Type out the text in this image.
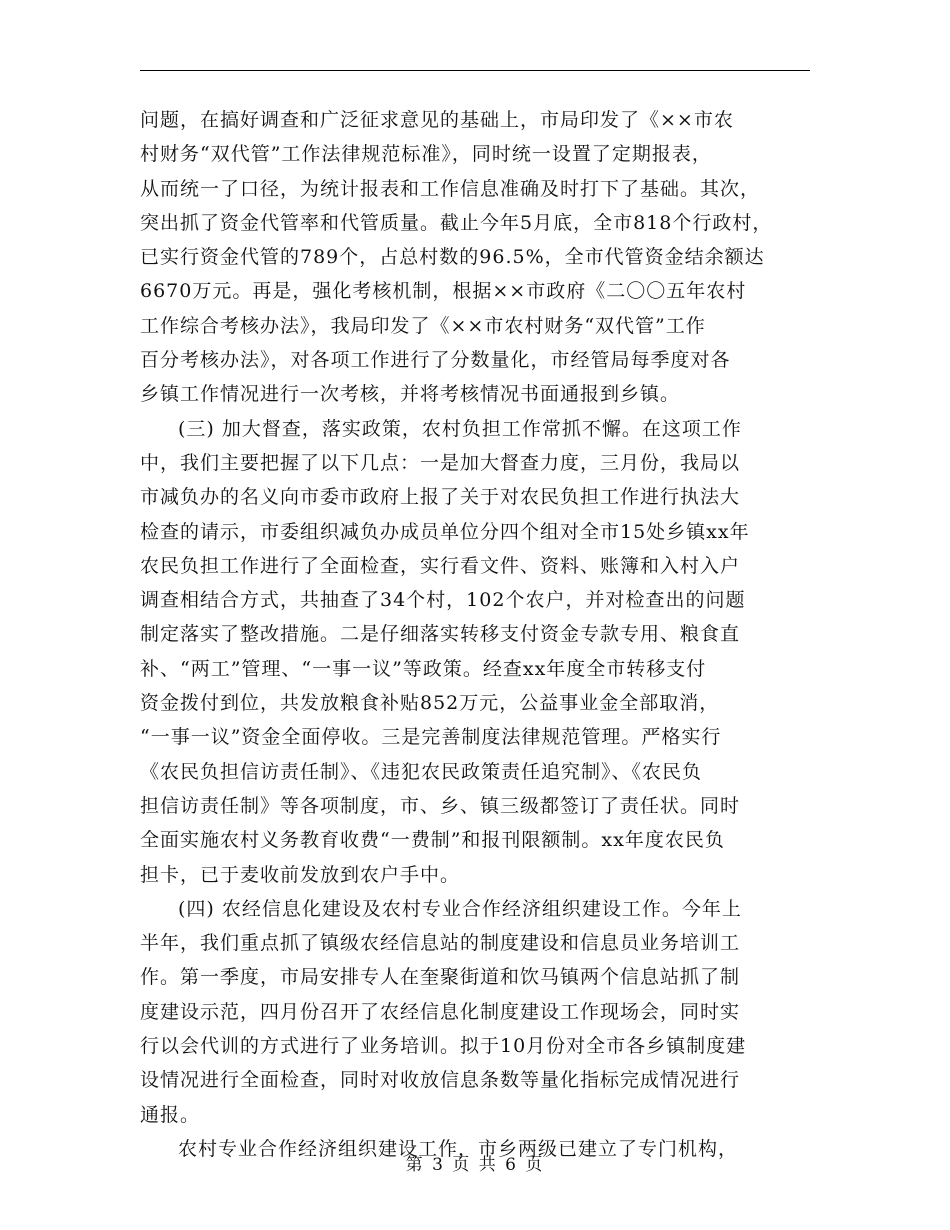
问题，在搞好调查和广泛征求意见的基础上，市局印发了《××市农
村财务“双代管”工作法律规范标准》，同时统一设置了定期报表，
从而统一了口径，为统计报表和工作信息准确及时打下了基础。其次，
突出抓了资金代管率和代管质量。截止今年5月底，全市818个行政村，
已实行资金代管的789个，占总村数的96.5%，全市代管资金结余额达
6670万元。再是，强化考核机制，根据××市政府《二〇〇五年农村
工作综合考核办法》，我局印发了《××市农村财务“双代管”工作
百分考核办法》，对各项工作进行了分数量化，市经管局每季度对各
乡镇工作情况进行一次考核，并将考核情况书面通报到乡镇。
(三) 加大督查，落实政策，农村负担工作常抓不懈。在这项工作
中，我们主要把握了以下几点：一是加大督查力度，三月份，我局以
市减负办的名义向市委市政府上报了关于对农民负担工作进行执法大
检查的请示，市委组织减负办成员单位分四个组对全市15处乡镇xx年
农民负担工作进行了全面检查，实行看文件、资料、账簿和入村入户
调查相结合方式，共抽查了34个村，102个农户，并对检查出的问题
制定落实了整改措施。二是仔细落实转移支付资金专款专用、粮食直
补、“两工”管理、“一事一议”等政策。经查xx年度全市转移支付
资金拨付到位，共发放粮食补贴852万元，公益事业金全部取消，
“一事一议”资金全面停收。三是完善制度法律规范管理。严格实行
《农民负担信访责任制》、《违犯农民政策责任追究制》、《农民负
担信访责任制》等各项制度，市、乡、镇三级都签订了责任状。同时
全面实施农村义务教育收费“一费制”和报刊限额制。xx年度农民负
担卡，已于麦收前发放到农户手中。
(四) 农经信息化建设及农村专业合作经济组织建设工作。今年上
半年，我们重点抓了镇级农经信息站的制度建设和信息员业务培训工
作。第一季度，市局安排专人在奎聚街道和饮马镇两个信息站抓了制
度建设示范，四月份召开了农经信息化制度建设工作现场会，同时实
行以会代训的方式进行了业务培训。拟于10月份对全市各乡镇制度建
设情况进行全面检查，同时对收放信息条数等量化指标完成情况进行
通报。
农村专业合作经济组织建设工作，市乡两级已建立了专门机构，
第 3 页 共 6 页
